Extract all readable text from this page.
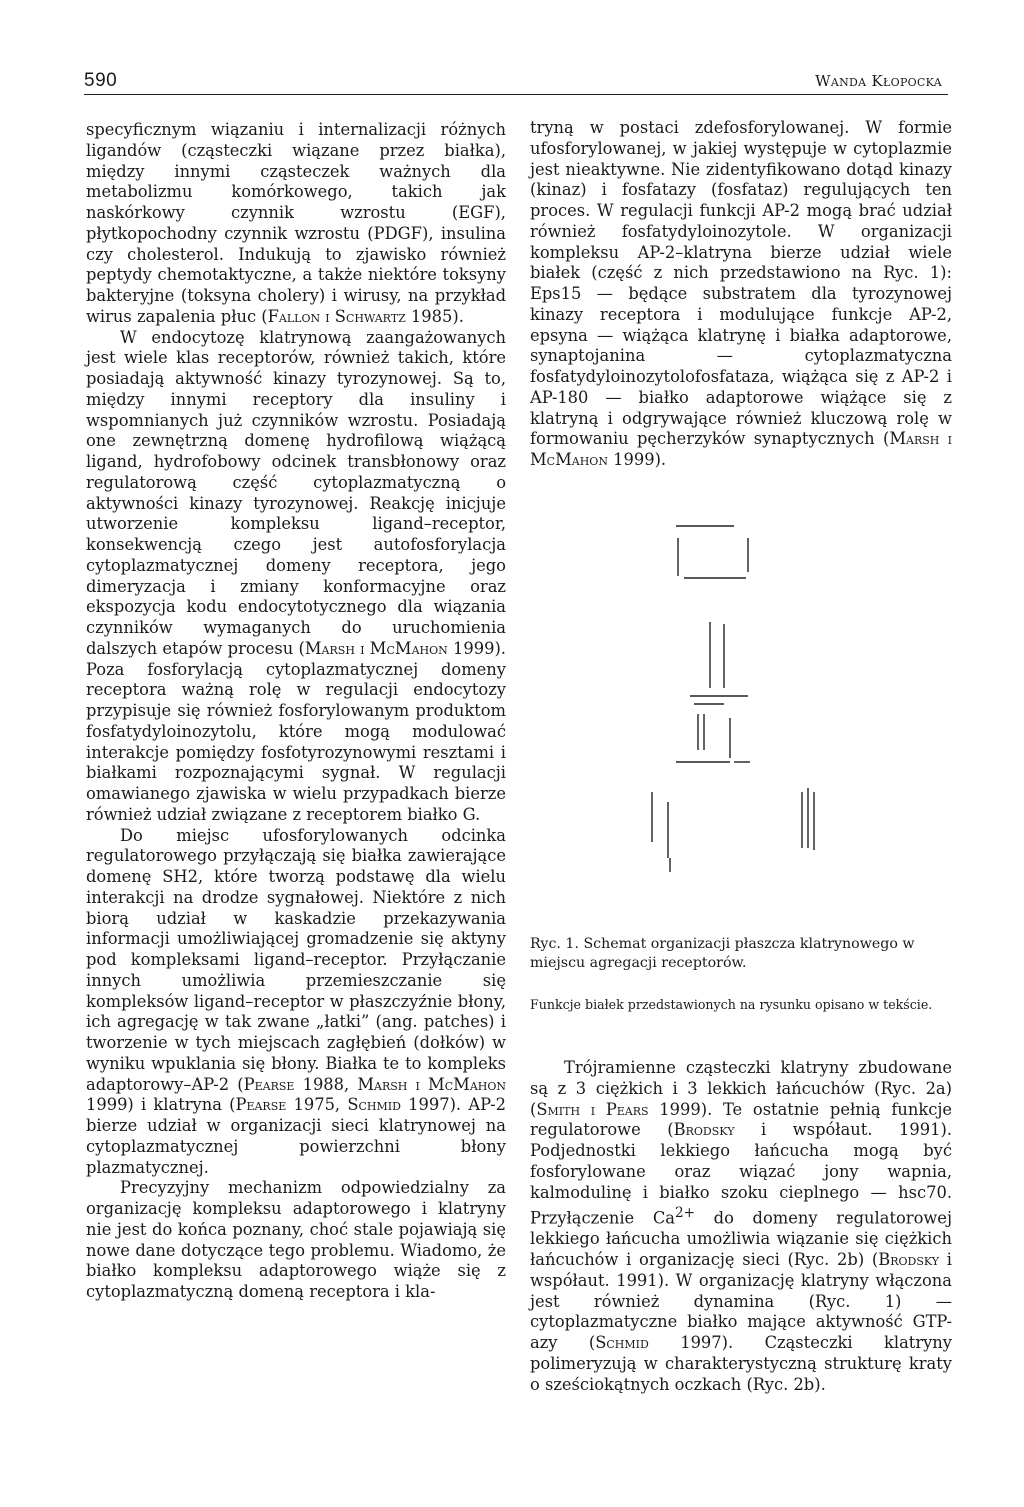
590	Wanda Kłopocka

specyficznym wiązaniu i internalizacji różnych ligandów (cząsteczki wiązane przez białka), między innymi cząsteczek ważnych dla metabolizmu komórkowego, takich jak naskórkowy czynnik wzrostu (EGF), płytkopochodny czynnik wzrostu (PDGF), insulina czy cholesterol. Indukują to zjawisko również peptydy chemotaktyczne, a także niektóre toksyny bakteryjne (toksyna cholery) i wirusy, na przykład wirus zapalenia płuc (Fallon i Schwartz 1985).

W endocytozę klatrynową zaangażowanych jest wiele klas receptorów, również takich, które posiadają aktywność kinazy tyrozynowej. Są to, między innymi receptory dla insuliny i wspomnianych już czynników wzrostu. Posiadają one zewnętrzną domenę hydrofilową wiążącą ligand, hydrofobowy odcinek transbłonowy oraz regulatorową część cytoplazmatyczną o aktywności kinazy tyrozynowej. Reakcję inicjuje utworzenie kompleksu ligand–receptor, konsekwencją czego jest autofosforylacja cytoplazmatycznej domeny receptora, jego dimeryzacja i zmiany konformacyjne oraz ekspozycja kodu endocytotycznego dla wiązania czynników wymaganych do uruchomienia dalszych etapów procesu (Marsh i McMahon 1999). Poza fosforylacją cytoplazmatycznej domeny receptora ważną rolę w regulacji endocytozy przypisuje się również fosforylowanym produktom fosfatydyloinozytolu, które mogą modulować interakcje pomiędzy fosfotyrozynowymi resztami i białkami rozpoznającymi sygnał. W regulacji omawianego zjawiska w wielu przypadkach bierze również udział związane z receptorem białko G.

Do miejsc ufosforylowanych odcinka regulatorowego przyłączają się białka zawierające domenę SH2, które tworzą podstawę dla wielu interakcji na drodze sygnałowej. Niektóre z nich biorą udział w kaskadzie przekazywania informacji umożliwiającej gromadzenie się aktyny pod kompleksami ligand–receptor. Przyłączanie innych umożliwia przemieszczanie się kompleksów ligand–receptor w płaszczyźnie błony, ich agregację w tak zwane „łatki” (ang. patches) i tworzenie w tych miejscach zagłębień (dołków) w wyniku wpuklania się błony. Białka te to kompleks adaptorowy–AP-2 (Pearse 1988, Marsh i McMahon 1999) i klatryna (Pearse 1975, Schmid 1997). AP-2 bierze udział w organizacji sieci klatrynowej na cytoplazmatycznej powierzchni błony plazmatycznej.

Precyzyjny mechanizm odpowiedzialny za organizację kompleksu adaptorowego i klatryny nie jest do końca poznany, choć stale pojawiają się nowe dane dotyczące tego problemu. Wiadomo, że białko kompleksu adaptorowego wiąże się z cytoplazmatyczną domeną receptora i kla-

tryną w postaci zdefosforylowanej. W formie ufosforylowanej, w jakiej występuje w cytoplazmie jest nieaktywne. Nie zidentyfikowano dotąd kinazy (kinaz) i fosfatazy (fosfataz) regulujących ten proces. W regulacji funkcji AP-2 mogą brać udział również fosfatydyloinozytole. W organizacji kompleksu AP-2–klatryna bierze udział wiele białek (część z nich przedstawiono na Ryc. 1): Eps15 — będące substratem dla tyrozynowej kinazy receptora i modulujące funkcje AP-2, epsyna — wiążąca klatrynę i białka adaptorowe, synaptojanina — cytoplazmatyczna fosfatydyloinozytolofosfataza, wiążąca się z AP-2 i AP-180 — białko adaptorowe wiążące się z klatryną i odgrywające również kluczową rolę w formowaniu pęcherzyków synaptycznych (Marsh i McMahon 1999).

Ryc. 1. Schemat organizacji płaszcza klatrynowego w miejscu agregacji receptorów.
Funkcje białek przedstawionych na rysunku opisano w tekście.

Trójramienne cząsteczki klatryny zbudowane są z 3 ciężkich i 3 lekkich łańcuchów (Ryc. 2a) (Smith i Pears 1999). Te ostatnie pełnią funkcje regulatorowe (Brodsky i współaut. 1991). Podjednostki lekkiego łańcucha mogą być fosforylowane oraz wiązać jony wapnia, kalmodulinę i białko szoku cieplnego — hsc70. Przyłączenie $Ca^{2+}$ do domeny regulatorowej lekkiego łańcucha umożliwia wiązanie się ciężkich łańcuchów i organizację sieci (Ryc. 2b) (Brodsky i współaut. 1991). W organizację klatryny włączona jest również dynamina (Ryc. 1) — cytoplazmatyczne białko mające aktywność GTP-azy (Schmid 1997). Cząsteczki klatryny polimeryzują w charakterystyczną strukturę kraty o sześciokątnych oczkach (Ryc. 2b).
